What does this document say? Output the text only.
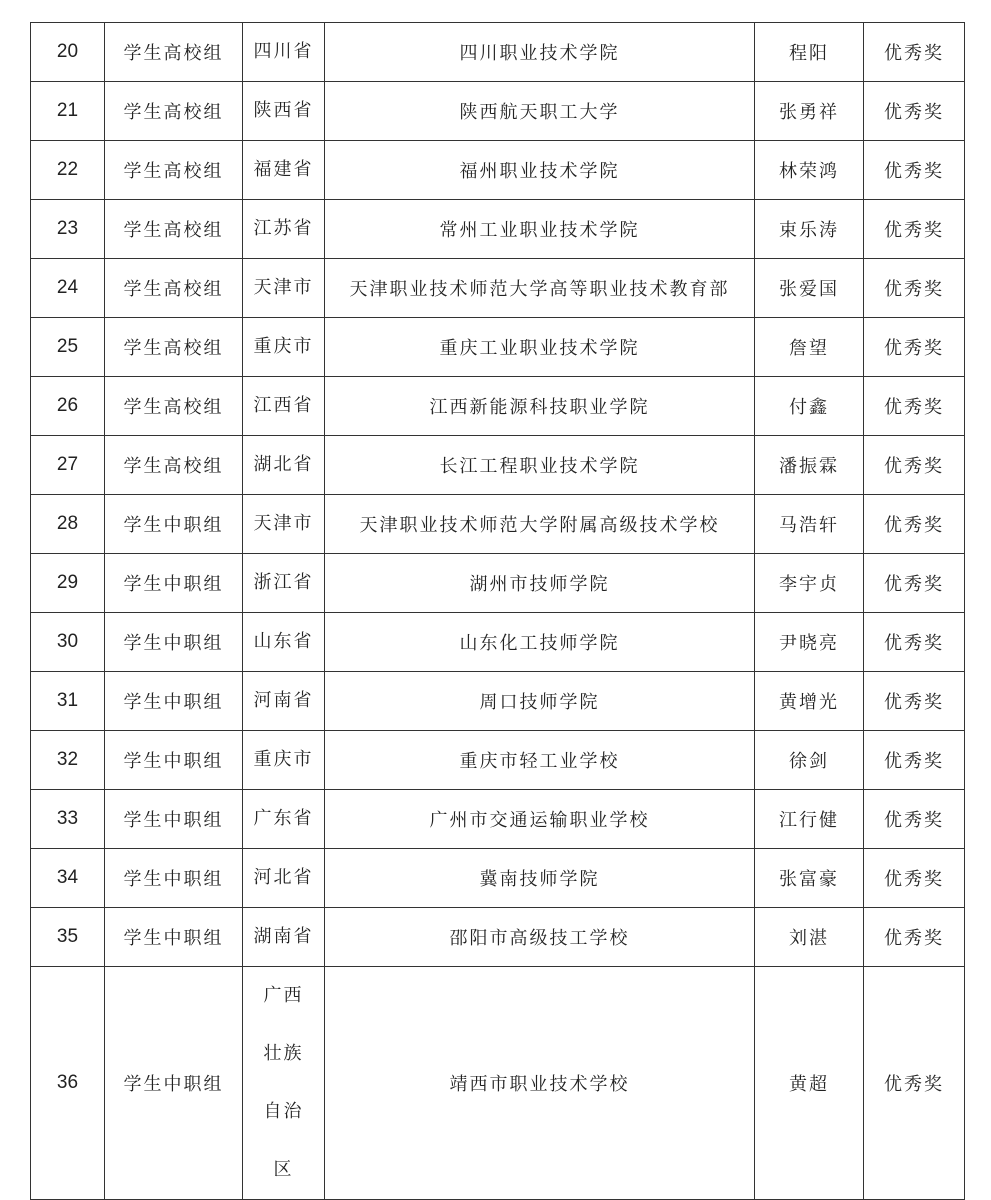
20	学生高校组	四川省	四川职业技术学院	程阳	优秀奖
21	学生高校组	陕西省	陕西航天职工大学	张勇祥	优秀奖
22	学生高校组	福建省	福州职业技术学院	林荣鸿	优秀奖
23	学生高校组	江苏省	常州工业职业技术学院	束乐涛	优秀奖
24	学生高校组	天津市	天津职业技术师范大学高等职业技术教育部	张爱国	优秀奖
25	学生高校组	重庆市	重庆工业职业技术学院	詹望	优秀奖
26	学生高校组	江西省	江西新能源科技职业学院	付鑫	优秀奖
27	学生高校组	湖北省	长江工程职业技术学院	潘振霖	优秀奖
28	学生中职组	天津市	天津职业技术师范大学附属高级技术学校	马浩轩	优秀奖
29	学生中职组	浙江省	湖州市技师学院	李宇贞	优秀奖
30	学生中职组	山东省	山东化工技师学院	尹晓亮	优秀奖
31	学生中职组	河南省	周口技师学院	黄增光	优秀奖
32	学生中职组	重庆市	重庆市轻工业学校	徐剑	优秀奖
33	学生中职组	广东省	广州市交通运输职业学校	江行健	优秀奖
34	学生中职组	河北省	冀南技师学院	张富豪	优秀奖
35	学生中职组	湖南省	邵阳市高级技工学校	刘湛	优秀奖
36	学生中职组	广西壮族自治区	靖西市职业技术学校	黄超	优秀奖
